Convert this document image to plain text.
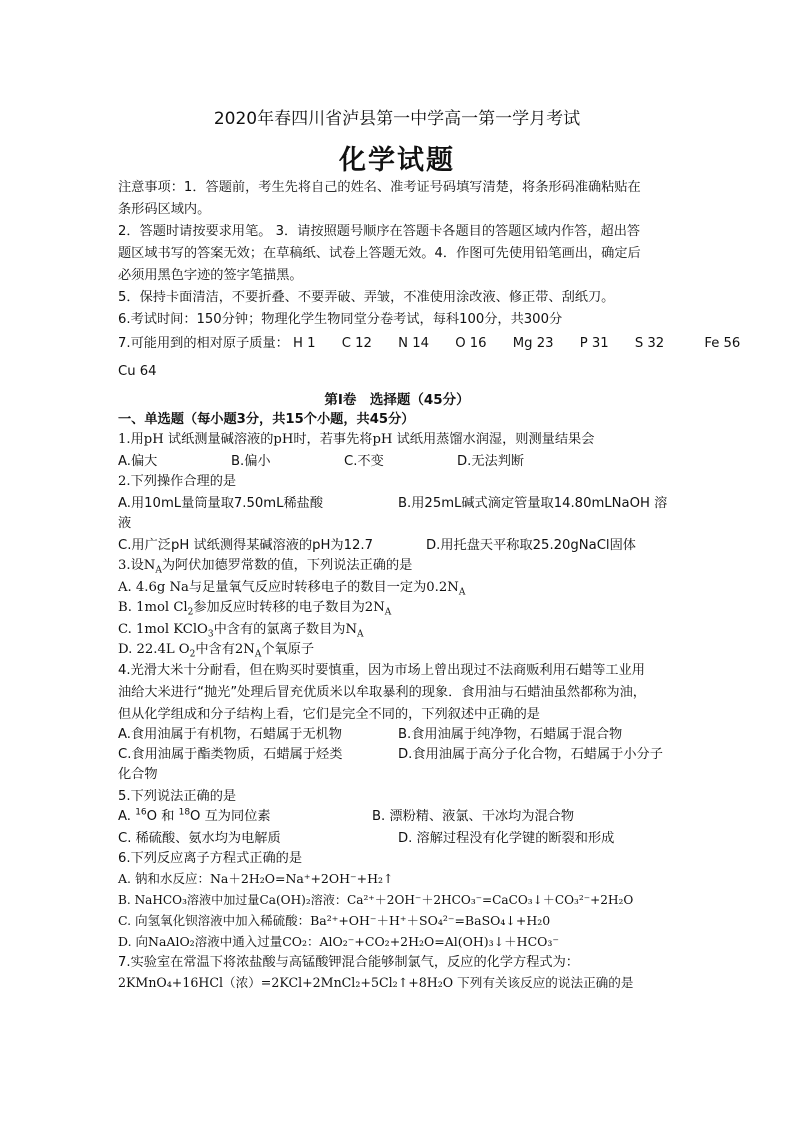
2020年春四川省泸县第一中学高一第一学月考试
化学试题
注意事项：1．答题前，考生先将自己的姓名、准考证号码填写清楚，将条形码准确粘贴在
条形码区域内。
2．答题时请按要求用笔。 3．请按照题号顺序在答题卡各题目的答题区域内作答，超出答
题区域书写的答案无效；在草稿纸、试卷上答题无效。4．作图可先使用铅笔画出，确定后
必须用黑色字迹的签字笔描黑。
5．保持卡面清洁，不要折叠、不要弄破、弄皱，不准使用涂改液、修正带、刮纸刀。
6.考试时间：150分钟；物理化学生物同堂分卷考试，每科100分，共300分
7.可能用到的相对原子质量： H 1 C 12 N 14 O 16 Mg 23 P 31 S 32	Fe 56
Cu 64
第Ⅰ卷　选择题（45分）
一、单选题（每小题3分，共15个小题，共45分）
1.用pH 试纸测量碱溶液的pH时，若事先将pH 试纸用蒸馏水润湿，则测量结果会
A.偏大	B.偏小	C.不变	D.无法判断
2.下列操作合理的是
A.用10mL量筒量取7.50mL稀盐酸	B.用25mL碱式滴定管量取14.80mLNaOH 溶
液
C.用广泛pH 试纸测得某碱溶液的pH为12.7	D.用托盘天平称取25.20gNaCl固体
3.设$N_A$为阿伏加德罗常数的值，下列说法正确的是
A. 4.6g Na与足量氧气反应时转移电子的数目一定为$0.2N_A$
B. 1mol $Cl_2$参加反应时转移的电子数目为$2N_A$
C. 1mol KClO$_3$中含有的氯离子数目为$N_A$
D. 22.4L $O_2$中含有$2N_A$个氧原子
4.光滑大米十分耐看，但在购买时要慎重，因为市场上曾出现过不法商贩利用石蜡等工业用
油给大米进行“抛光”处理后冒充优质米以牟取暴利的现象．食用油与石蜡油虽然都称为油，
但从化学组成和分子结构上看，它们是完全不同的，下列叙述中正确的是
A.食用油属于有机物，石蜡属于无机物	B.食用油属于纯净物，石蜡属于混合物
C.食用油属于酯类物质，石蜡属于烃类	D.食用油属于高分子化合物，石蜡属于小分子
化合物
5.下列说法正确的是
A. $^{16}$O 和 $^{18}$O 互为同位素	B. 漂粉精、液氯、干冰均为混合物
C. 稀硫酸、氨水均为电解质	D. 溶解过程没有化学键的断裂和形成
6.下列反应离子方程式正确的是
A. 钠和水反应：Na＋2H₂O=Na⁺+2OH⁻+H₂↑
B. NaHCO₃溶液中加过量Ca(OH)₂溶液：Ca²⁺＋2OH⁻＋2HCO₃⁻=CaCO₃↓＋CO₃²⁻+2H₂O
C. 向氢氧化钡溶液中加入稀硫酸：Ba²⁺+OH⁻＋H⁺＋SO₄²⁻=BaSO₄↓+H₂0
D. 向NaAlO₂溶液中通入过量CO₂：AlO₂⁻+CO₂+2H₂O=Al(OH)₃↓＋HCO₃⁻
7.实验室在常温下将浓盐酸与高锰酸钾混合能够制氯气，反应的化学方程式为：
2KMnO₄+16HCl（浓）=2KCl+2MnCl₂+5Cl₂↑+8H₂O 下列有关该反应的说法正确的是
